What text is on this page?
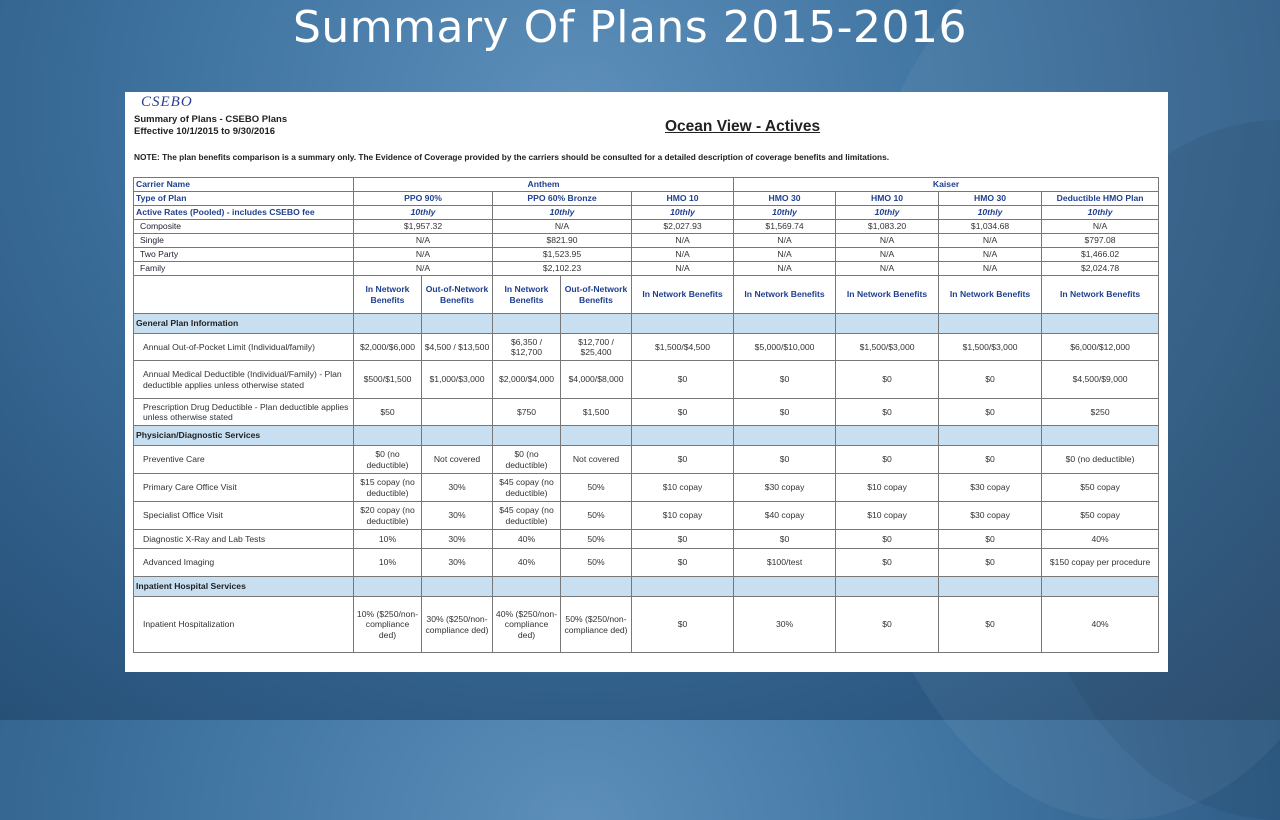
Summary Of Plans 2015-2016
CSEBO
Summary of Plans - CSEBO Plans
Effective 10/1/2015 to 9/30/2016	Ocean View - Actives
NOTE: The plan benefits comparison is a summary only. The Evidence of Coverage provided by the carriers should be consulted for a detailed description of coverage benefits and limitations.
Carrier Name	Anthem					Kaiser			
Type of Plan	PPO 90%		PPO 60% Bronze		HMO 10	HMO 30	HMO 10	HMO 30	Deductible HMO Plan
Active Rates (Pooled) - includes CSEBO fee	10thly		10thly		10thly	10thly	10thly	10thly	10thly
Composite	$1,957.32		N/A		$2,027.93	$1,569.74	$1,083.20	$1,034.68	N/A
Single	N/A		$821.90		N/A	N/A	N/A	N/A	$797.08
Two Party	N/A		$1,523.95		N/A	N/A	N/A	N/A	$1,466.02
Family	N/A		$2,102.23		N/A	N/A	N/A	N/A	$2,024.78
	In Network Benefits	Out-of-Network Benefits	In Network Benefits	Out-of-Network Benefits	In Network Benefits	In Network Benefits	In Network Benefits	In Network Benefits	In Network Benefits
General Plan Information									
Annual Out-of-Pocket Limit (Individual/family)	$2,000/$6,000	$4,500 / $13,500	$6,350 / $12,700	$12,700 / $25,400	$1,500/$4,500	$5,000/$10,000	$1,500/$3,000	$1,500/$3,000	$6,000/$12,000
Annual Medical Deductible (Individual/Family) - Plan deductible applies unless otherwise stated	$500/$1,500	$1,000/$3,000	$2,000/$4,000	$4,000/$8,000	$0	$0	$0	$0	$4,500/$9,000
Prescription Drug Deductible - Plan deductible applies unless otherwise stated	$50		$750	$1,500	$0	$0	$0	$0	$250
Physician/Diagnostic Services									
Preventive Care	$0 (no deductible)	Not covered	$0 (no deductible)	Not covered	$0	$0	$0	$0	$0 (no deductible)
Primary Care Office Visit	$15 copay (no deductible)	30%	$45 copay (no deductible)	50%	$10 copay	$30 copay	$10 copay	$30 copay	$50 copay
Specialist Office Visit	$20 copay (no deductible)	30%	$45 copay (no deductible)	50%	$10 copay	$40 copay	$10 copay	$30 copay	$50 copay
Diagnostic X-Ray and Lab Tests	10%	30%	40%	50%	$0	$0	$0	$0	40%
Advanced Imaging	10%	30%	40%	50%	$0	$100/test	$0	$0	$150 copay per procedure
Inpatient Hospital Services									
Inpatient Hospitalization	10% ($250/non-compliance ded)	30% ($250/non-compliance ded)	40% ($250/non-compliance ded)	50% ($250/non-compliance ded)	$0	30%	$0	$0	40%
